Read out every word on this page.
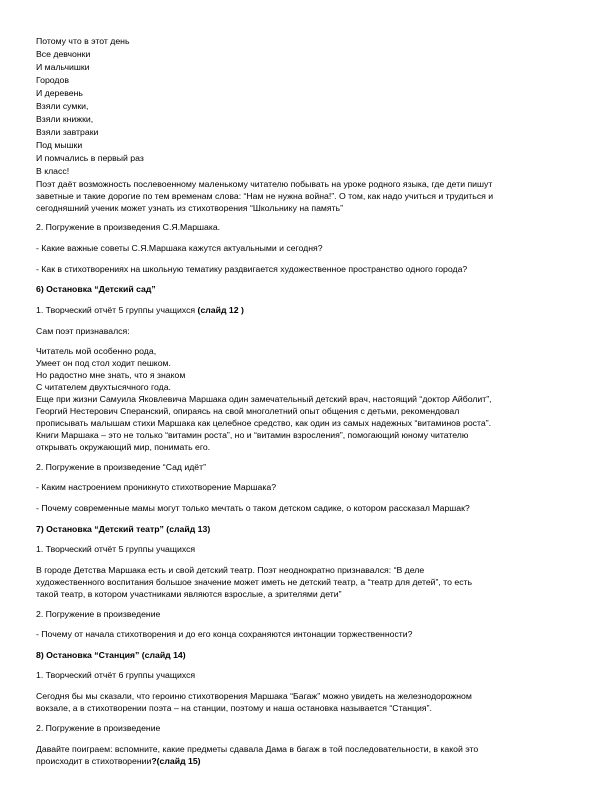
Потому что в этот день
Все девчонки
И мальчишки
Городов
И деревень
Взяли сумки,
Взяли книжки,
Взяли завтраки
Под мышки
И помчались в первый раз
В класс!
Поэт даёт возможность послевоенному маленькому читателю побывать на уроке родного языка, где дети пишут
заветные и такие дорогие по тем временам слова: “Нам не нужна война!”. О том, как надо учиться и трудиться и
сегодняшний ученик может узнать из стихотворения “Школьнику на память”
2. Погружение в произведения С.Я.Маршака.
- Какие важные советы С.Я.Маршака кажутся актуальными и сегодня?
- Как в стихотворениях на школьную тематику раздвигается художественное пространство одного города?
6) Остановка “Детский сад”
1. Творческий отчёт 5 группы учащихся (слайд 12 )
Сам поэт признавался:
Читатель мой особенно рода,
Умеет он под стол ходит пешком.
Но радостно мне знать, что я знаком
С читателем двухтысячного года.
Еще при жизни Самуила Яковлевича Маршака один замечательный детский врач, настоящий “доктор Айболит”,
Георгий Нестерович Сперанский, опираясь на свой многолетний опыт общения с детьми, рекомендовал
прописывать малышам стихи Маршака как целебное средство, как один из самых надежных “витаминов роста”.
Книги Маршака – это не только “витамин роста”, но и “витамин взросления”, помогающий юному читателю
открывать окружающий мир, понимать его.
2. Погружение в произведение “Сад идёт”
- Каким настроением проникнуто стихотворение Маршака?
- Почему современные мамы могут только мечтать о таком детском садике, о котором рассказал Маршак?
7) Остановка “Детский театр” (слайд 13)
1. Творческий отчёт 5 группы учащихся
В городе Детства Маршака есть и свой детский театр. Поэт неоднократно признавался: “В деле
художественного воспитания большое значение может иметь не детский театр, а “театр для детей”, то есть
такой театр, в котором участниками являются взрослые, а зрителями дети”
2. Погружение в произведение
- Почему от начала стихотворения и до его конца сохраняются интонации торжественности?
8) Остановка “Станция” (слайд 14)
1. Творческий отчёт 6 группы учащихся
Сегодня бы мы сказали, что героиню стихотворения Маршака “Багаж” можно увидеть на железнодорожном
вокзале, а в стихотворении поэта – на станции, поэтому и наша остановка называется “Станция”.
2. Погружение в произведение
Давайте поиграем: вспомните, какие предметы сдавала Дама в багаж в той последовательности, в какой это
происходит в стихотворении?(слайд 15)
